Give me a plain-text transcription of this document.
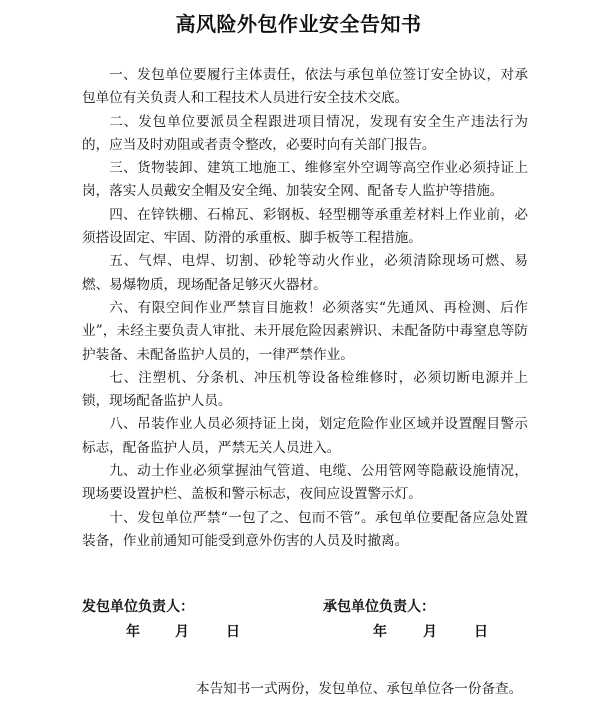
高风险外包作业安全告知书

一、发包单位要履行主体责任，依法与承包单位签订安全协议，对承包单位有关负责人和工程技术人员进行安全技术交底。

二、发包单位要派员全程跟进项目情况，发现有安全生产违法行为的，应当及时劝阻或者责令整改，必要时向有关部门报告。

三、货物装卸、建筑工地施工、维修室外空调等高空作业必须持证上岗，落实人员戴安全帽及安全绳、加装安全网、配备专人监护等措施。

四、在锌铁棚、石棉瓦、彩钢板、轻型棚等承重差材料上作业前，必须搭设固定、牢固、防滑的承重板、脚手板等工程措施。

五、气焊、电焊、切割、砂轮等动火作业，必须清除现场可燃、易燃、易爆物质，现场配备足够灭火器材。

六、有限空间作业严禁盲目施救！必须落实“先通风、再检测、后作业”，未经主要负责人审批、未开展危险因素辨识、未配备防中毒窒息等防护装备、未配备监护人员的，一律严禁作业。

七、注塑机、分条机、冲压机等设备检维修时，必须切断电源并上锁，现场配备监护人员。

八、吊装作业人员必须持证上岗，划定危险作业区域并设置醒目警示标志，配备监护人员，严禁无关人员进入。

九、动土作业必须掌握油气管道、电缆、公用管网等隐蔽设施情况，现场要设置护栏、盖板和警示标志，夜间应设置警示灯。

十、发包单位严禁“一包了之、包而不管”。承包单位要配备应急处置装备，作业前通知可能受到意外伤害的人员及时撤离。

发包单位负责人：	承包单位负责人：
年	月	日	年	月	日
本告知书一式两份，发包单位、承包单位各一份备查。
